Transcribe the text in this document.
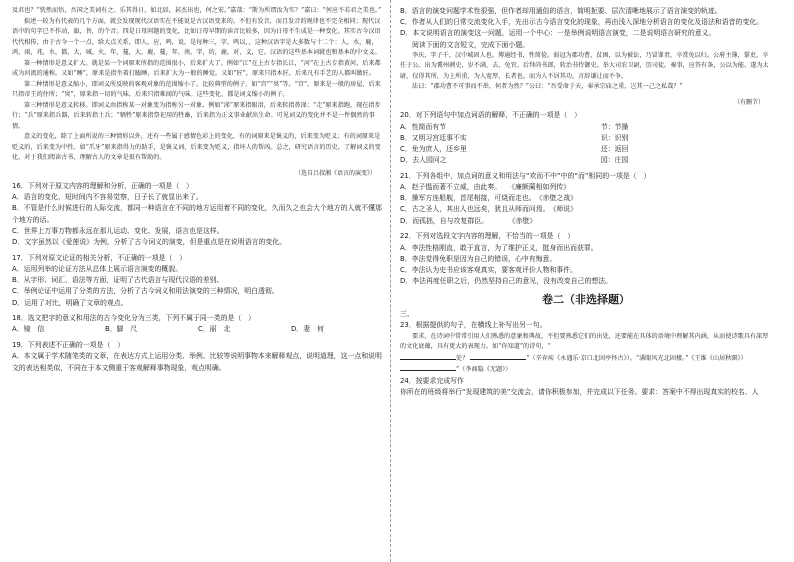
及君也？”恍然而悟，吾国之美词有之。乐其得日，如北辰，甚杰出也，何之宏。”嘉哉：“斯为所谓汝为实？”嘉曰：“何应不若君之美也。”

拙述一较为有代表的几个方面，就会发现现代汉语实在不能说是古汉语变来的。不但有发音，而且发音的规律也不完全相同；现代汉语中的句字已不作动，旗，旨，的个音。四是日母问题的变化，比如日母早期的读音比较多，因为日母不生成是一种变化。其实古今汉语代代相传，由于古今一个一点，给大点关系，即人，应，鸣，说，是每种三，字，鸣以，，这种汉语字是大多数与十二个：人，水，鹿，鸿，雨，兆，水，都，大，城，火，年，蔓，大，鹿，蔓，年，南，字，的，鹿，对，义，它。汉语的这些基本词就也和基本的中文义。

第一种情形是意义扩大。就是某一个词原来所指的范围很小，后来扩大了。例如“江”在上古专指长江，“河”在上古专指黄河，后来都成为河流的通称。又如“睡”，原来是指坐着打瞌睡，后来扩大为一般的睡觉。又如“匠”，原来只指木匠，后来凡有手艺的人都叫做匠。

第二种情形是意义缩小，即词义所反映的客观对象的范围缩小了。比较典型的例子，如“宫”“臭”等。“宫”，原来是一般的房屋，后来只指帝王的住所；“臭”，原来指一切的气味，后来只指难闻的气味。这些变化，都是词义缩小的例子。

第三种情形是意义转移。即词义由指称某一对象变为指称另一对象。例如“涕”原来指眼泪，后来转指鼻涕；“走”原来指跑，现在指步行；“兵”原来指兵器，后来转指士兵；“牺牲”原来指祭祀用的牲畜，后来指为正义事业献出生命。可见词义的变化并不是一件偶然的事情。

意义的变化，除了上面所说的三种情形以外，还有一些属于感情色彩上的变化，有的词原来是褒义的，后来变为贬义；有的词原来是贬义的，后来变为中性。如“爪牙”原来指得力的助手，是褒义词，后来变为贬义，指坏人的帮凶。总之，研究语言的历史，了解词义的变化，对于我们阅读古书、理解古人的文章是很有帮助的。

（选自吕叔湘《语言的演变》）
16．下列对于原文内容的理解和分析，正确的一项是（　）
A．语言的变化，短时间内不容易觉察，日子长了就显出来了。
B．不管是什么时候进行的人际交流，都同一种语言在不同的地方运用着不同的变化，久而久之也会大个地方的人就不懂那个地方的话。
C．世界上万事万物都永远在那儿运动、变化、发展，语言也是这样。
D．文字虽然以《爱莲说》为例，分析了古今词义的演变，但是重点是在说明语言的变化。
17．下列对原文论证的相关分析，不正确的一项是（　）
A．运用列举的论证方法从总体上展示语言演变的概貌。
B．从字形、词汇、语法等方面，证明了古代语言与现代汉语的差别。
C．举例论证中运用了分类的方法，分析了古今词义和用法演变的三种情况，明白透彻。
D．运用了对比，明确了文章的观点。
18．选文把字的意义和用法的古今变化分为三类，下列不属于同一类的是（　）
A．镜　信	B．脚　尺	C．丽　北	D．妻　何
19．下列表述不正确的一项是（　）
A．本文属于学术随笔类的文章，在表达方式上运用分类、举例、比较等说明事物本来解释观点，说明道理，这一点和说明文的表达相类似，不同在于本文侧重于客观解释事物现象，观点明确。
B．语言的演变问题学术性很强，但作者却用通俗的语言，简明扼要、层次清晰地展示了语言演变的轨迹。
C．作者从人们的日常交流变化入手，先出示古今语言变化的现象，再由浅入深地分析语言的变化及语法和语音的变化。
D．本文说明语言的演变这一问题，运用一个中心：一是举例说明语言演变，二是说明语言研究的意义。
阅读下面的文言短文，完成下面小题。

李庆，字子千，汉中城固人也。博通经书，性简俭。弱冠为郡功曹，贫困，以为被讼，乃冒罪责，卒赏免以归。公府主簿，掌吏，卒任于公。出为冀州刺史，岁不满，去，免官。后拜尚书郎，转治书侍御史。举大司农卫尉，历司徒。奏事，应答有条，公以为能。遂为太尉，仅得其所，为上所重，为人宽厚，长者也。而为人不居其功，言辞谦让而不争。

法曰：“郡功曹不可事而不举，何者为然？”公曰：“吾受命于天，奉承宗庙之重，岂其一己之私哉？”

（有删节）
20．对下列语句中加点词语的解释，不正确的一项是（　）
A．性简而有节	节：节操
B．又明习宫廷事不实	识：识别
C．免为庶人，还乡里	还：返回
D．去人园问之	园：庄园
21．下列各组中，加点词的意义和用法与“欢而不中”中的“而”相同的一项是（　）
A．赵子愠而著不立威，由此奏。　　《廉颇蔺相如列传》
B．操军方连船舰，首尾相接，可烧而走也。　《赤壁之战》
C．古之圣人，其出人也远矣，犹且从师而问焉。　《师说》
D．而孤拙，自与攻复群臣。　　　　《赤壁》
22．下列对选段文字内容的理解，不恰当的一项是（　）
A．李法性格刚直，敢于直言，为了维护正义，挺身而出而获罪。
B．李法觉得免职是因为自己的错误，心中有悔意。
C．李法认为史书应该客观真实，要客观评价人物和事件。
D．李法再度任职之后，仍然坚持自己的意见，没有改变自己的想法。
卷二（非选择题）
三、
23．根据提供的句子，在横线上补写出另一句。

要求，在诗词中常常引用人们熟悉的意象和典故，不但要熟悉它们的出处，还要能在具体的语境中理解其内涵，从而使诗歌具有深厚的文化底蕴，具有更大的表现力。如“你知道”的诗句，“

处？	”（辛弃疾《永遇乐·京口北固亭怀古》）。“满眼风光北固楼。”《王维《山居秋暝》） ”（李商隐《无题》）

24．按要求完成写作
你所在的班级将举行“发现建筑的美”交流会，请你积极参加，并完成以下任务。要求：答案中不得出现真实的校名、人
